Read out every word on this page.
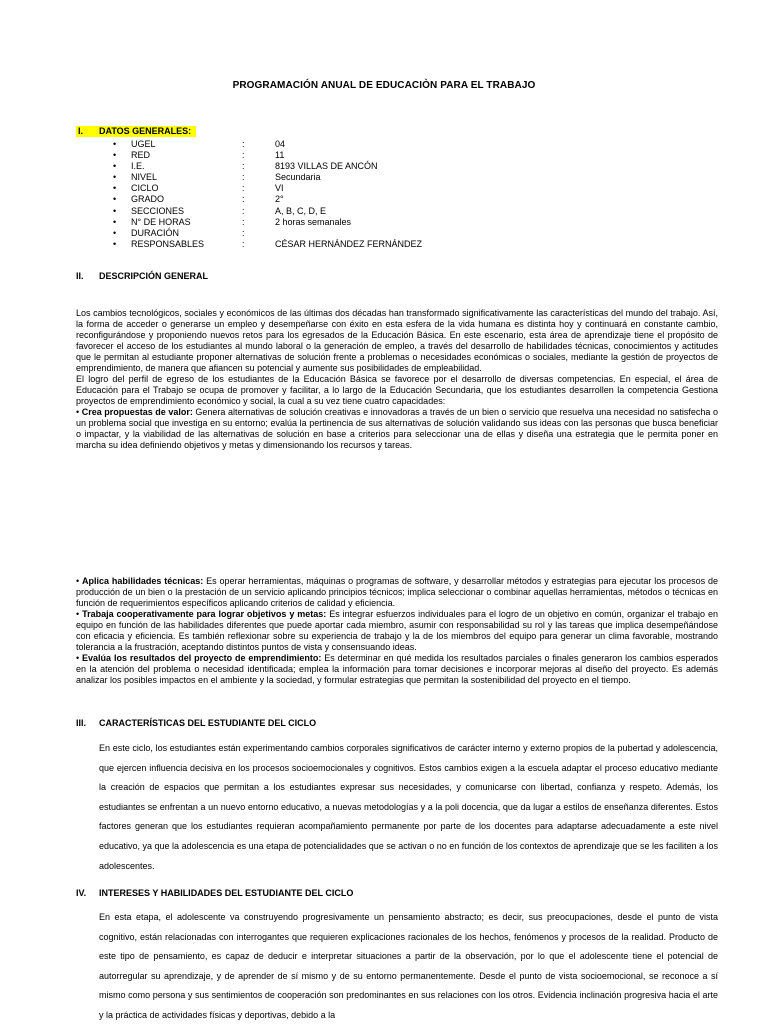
PROGRAMACIÓN ANUAL DE EDUCACIÒN PARA EL TRABAJO
I. DATOS GENERALES:
• UGEL	:	04
• RED	:	11
• I.E.	:	8193 VILLAS DE ANCÓN
• NIVEL	:	Secundaria
• CICLO	:	VI
• GRADO	:	2°
• SECCIONES	:	A, B, C, D, E
• N° DE HORAS	:	2 horas semanales
• DURACIÓN	:
• RESPONSABLES	:	CÉSAR HERNÁNDEZ FERNÁNDEZ
II. DESCRIPCIÓN GENERAL

Los cambios tecnológicos, sociales y económicos de las últimas dos décadas han transformado significativamente las características del mundo del trabajo. Así, la forma de acceder o generarse un empleo y desempeñarse con éxito en esta esfera de la vida humana es distinta hoy y continuará en constante cambio, reconfigurándose y proponiendo nuevos retos para los egresados de la Educación Básica. En este escenario, esta área de aprendizaje tiene el propósito de favorecer el acceso de los estudiantes al mundo laboral o la generación de empleo, a través del desarrollo de habilidades técnicas, conocimientos y actitudes que le permitan al estudiante proponer alternativas de solución frente a problemas o necesidades económicas o sociales, mediante la gestión de proyectos de emprendimiento, de manera que afiancen su potencial y aumente sus posibilidades de empleabilidad.

El logro del perfil de egreso de los estudiantes de la Educación Básica se favorece por el desarrollo de diversas competencias. En especial, el área de Educación para el Trabajo se ocupa de promover y facilitar, a lo largo de la Educación Secundaria, que los estudiantes desarrollen la competencia Gestiona proyectos de emprendimiento económico y social, la cual a su vez tiene cuatro capacidades:

• Crea propuestas de valor: Genera alternativas de solución creativas e innovadoras a través de un bien o servicio que resuelva una necesidad no satisfecha o un problema social que investiga en su entorno; evalúa la pertinencia de sus alternativas de solución validando sus ideas con las personas que busca beneficiar o impactar, y la viabilidad de las alternativas de solución en base a criterios para seleccionar una de ellas y diseña una estrategia que le permita poner en marcha su idea definiendo objetivos y metas y dimensionando los recursos y tareas.

• Aplica habilidades técnicas: Es operar herramientas, máquinas o programas de software, y desarrollar métodos y estrategias para ejecutar los procesos de producción de un bien o la prestación de un servicio aplicando principios técnicos; implica seleccionar o combinar aquellas herramientas, métodos o técnicas en función de requerimientos específicos aplicando criterios de calidad y eficiencia.

• Trabaja cooperativamente para lograr objetivos y metas: Es integrar esfuerzos individuales para el logro de un objetivo en común, organizar el trabajo en equipo en función de las habilidades diferentes que puede aportar cada miembro, asumir con responsabilidad su rol y las tareas que implica desempeñándose con eficacia y eficiencia. Es también reflexionar sobre su experiencia de trabajo y la de los miembros del equipo para generar un clima favorable, mostrando tolerancia a la frustración, aceptando distintos puntos de vista y consensuando ideas.

• Evalúa los resultados del proyecto de emprendimiento: Es determinar en qué medida los resultados parciales o finales generaron los cambios esperados en la atención del problema o necesidad identificada; emplea la información para tomar decisiones e incorporar mejoras al diseño del proyecto. Es además analizar los posibles impactos en el ambiente y la sociedad, y formular estrategias que permitan la sostenibilidad del proyecto en el tiempo.

III. CARACTERÍSTICAS DEL ESTUDIANTE DEL CICLO

En este ciclo, los estudiantes están experimentando cambios corporales significativos de carácter interno y externo propios de la pubertad y adolescencia, que ejercen influencia decisiva en los procesos socioemocionales y cognitivos. Estos cambios exigen a la escuela adaptar el proceso educativo mediante la creación de espacios que permitan a los estudiantes expresar sus necesidades, y comunicarse con libertad, confianza y respeto. Además, los estudiantes se enfrentan a un nuevo entorno educativo, a nuevas metodologías y a la poli docencia, que da lugar a estilos de enseñanza diferentes. Estos factores generan que los estudiantes requieran acompañamiento permanente por parte de los docentes para adaptarse adecuadamente a este nivel educativo, ya que la adolescencia es una etapa de potencialidades que se activan o no en función de los contextos de aprendizaje que se les faciliten a los adolescentes.

IV. INTERESES Y HABILIDADES DEL ESTUDIANTE DEL CICLO

En esta etapa, el adolescente va construyendo progresivamente un pensamiento abstracto; es decir, sus preocupaciones, desde el punto de vista cognitivo, están relacionadas con interrogantes que requieren explicaciones racionales de los hechos, fenómenos y procesos de la realidad. Producto de este tipo de pensamiento, es capaz de deducir e interpretar situaciones a partir de la observación, por lo que el adolescente tiene el potencial de autorregular su aprendizaje, y de aprender de sí mismo y de su entorno permanentemente. Desde el punto de vista socioemocional, se reconoce a sí mismo como persona y sus sentimientos de cooperación son predominantes en sus relaciones con los otros. Evidencia inclinación progresiva hacia el arte y la práctica de actividades físicas y deportivas, debido a la
